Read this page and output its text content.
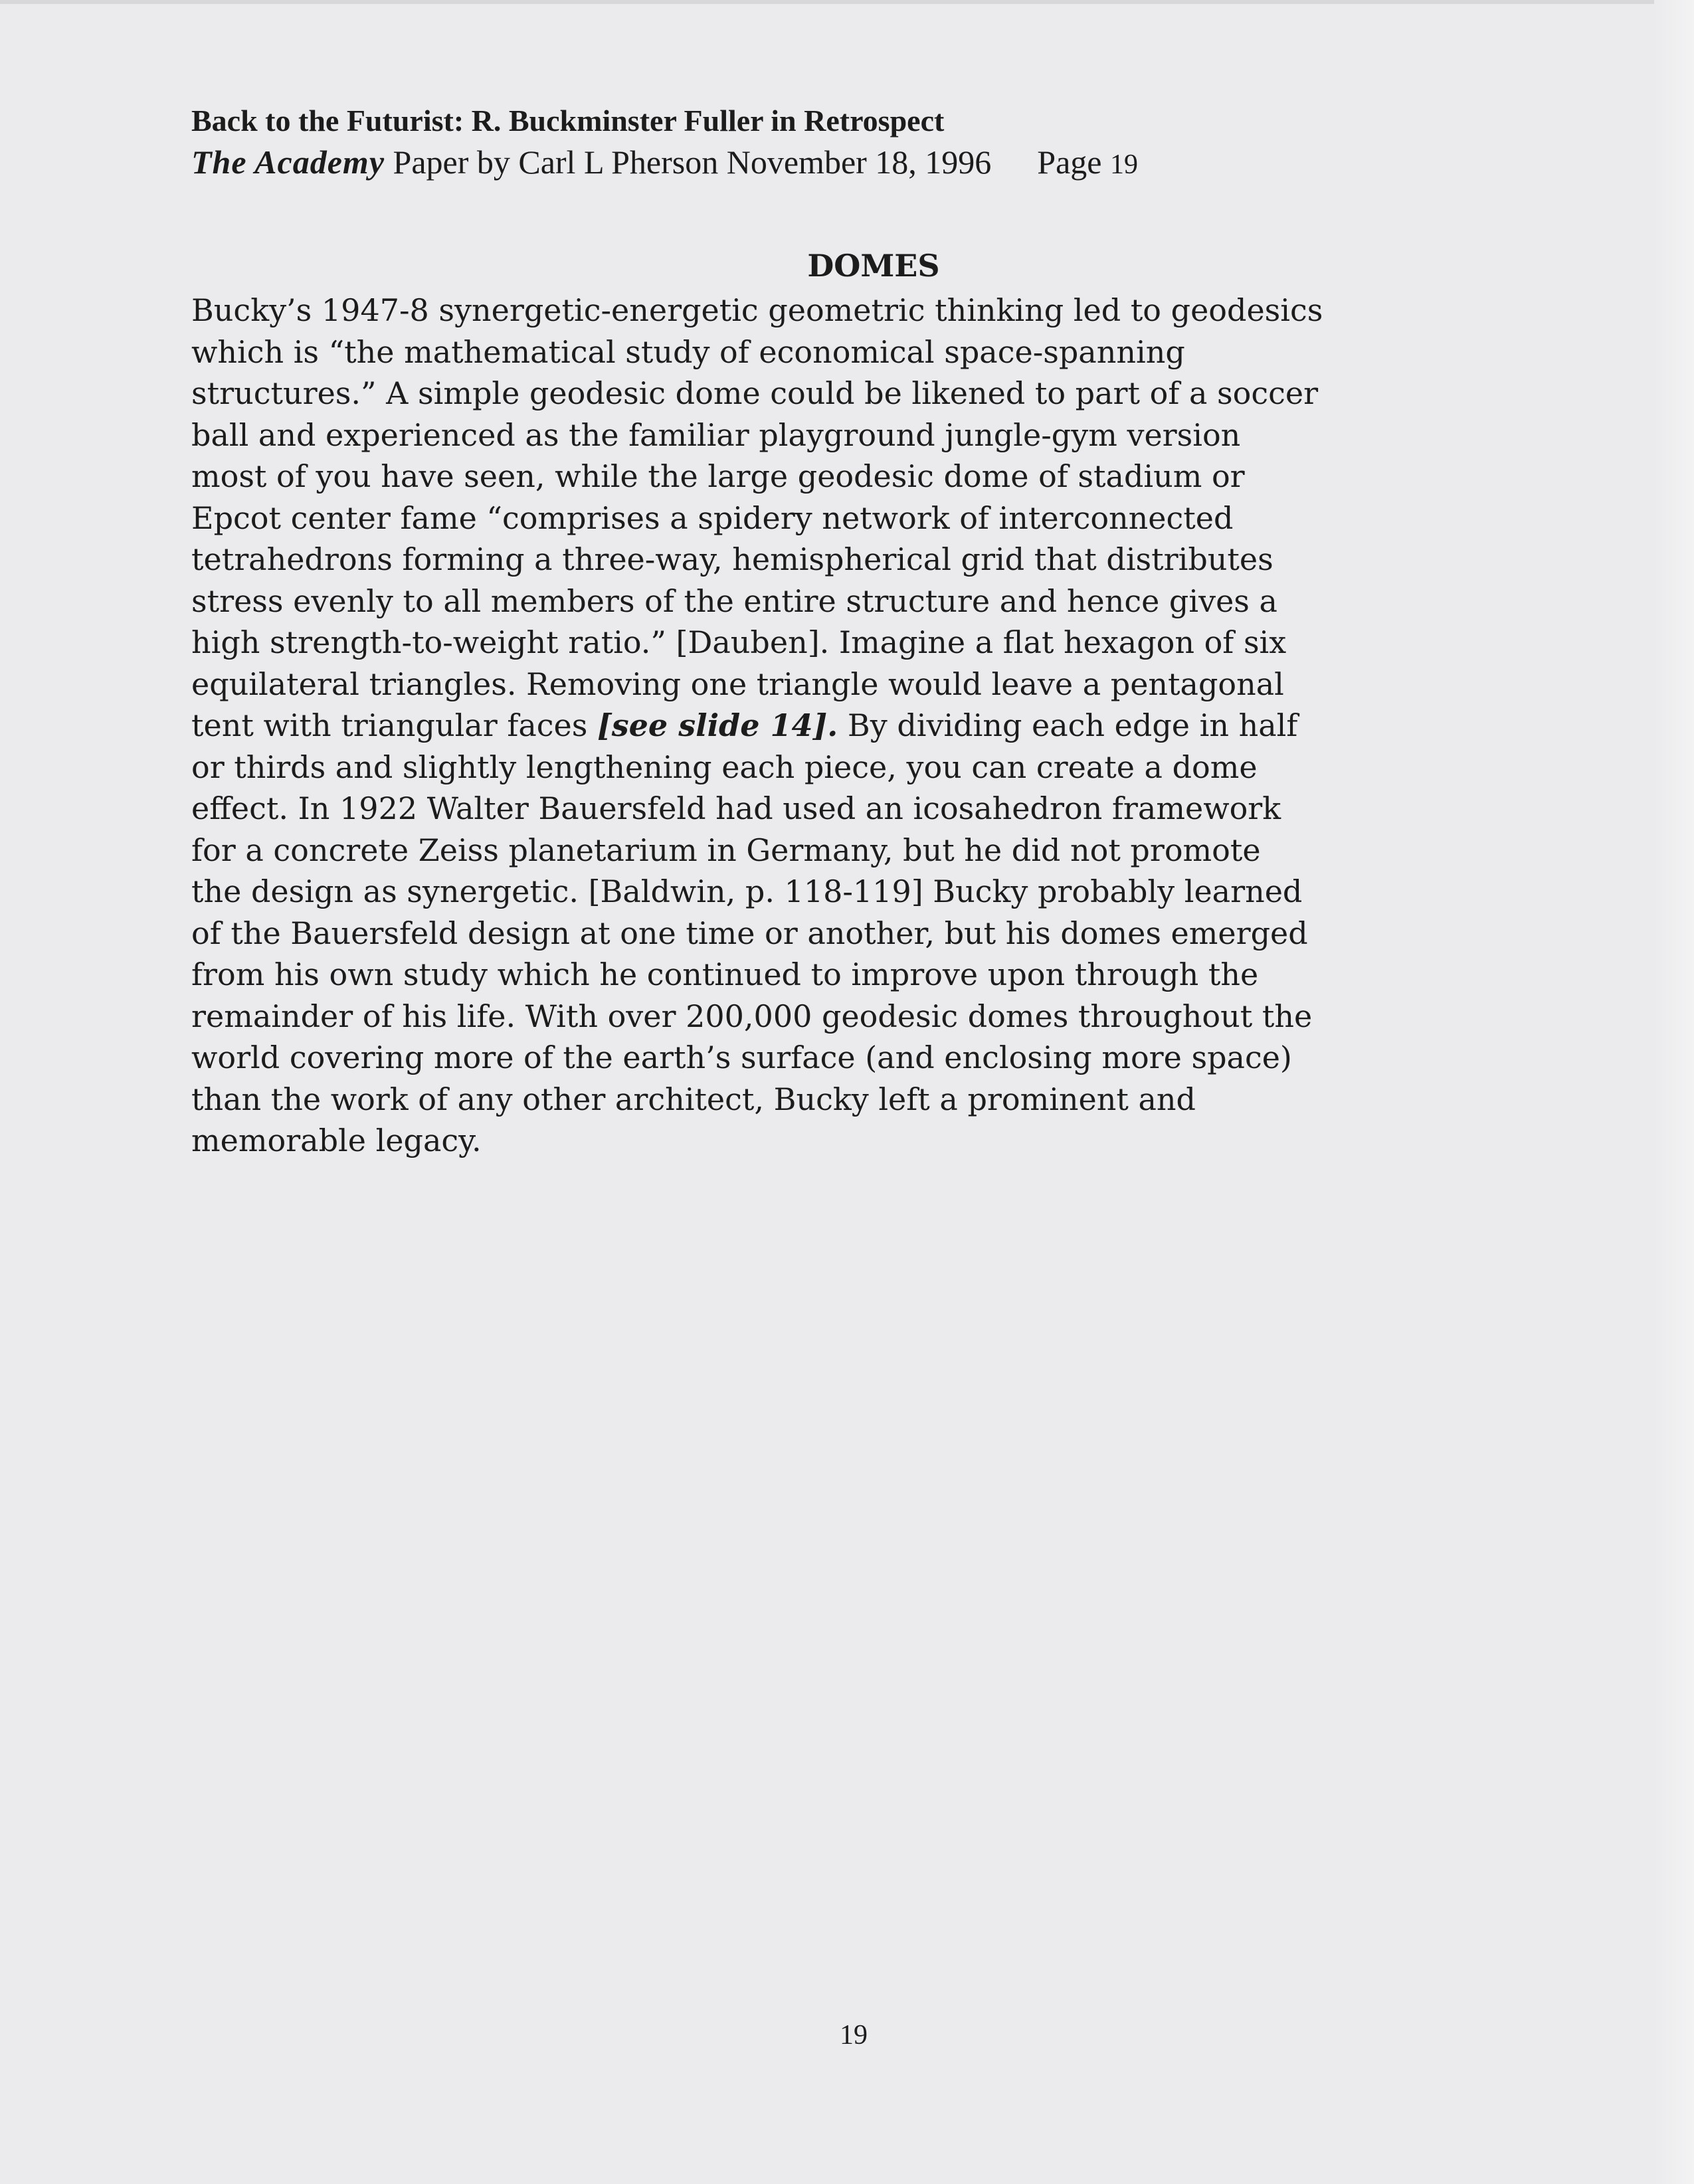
Back to the Futurist: R. Buckminster Fuller in Retrospect
The Academy Paper by Carl L Pherson November 18, 1996 Page 19
DOMES
Bucky’s 1947-8 synergetic-energetic geometric thinking led to geodesics
which is “the mathematical study of economical space-spanning
structures.” A simple geodesic dome could be likened to part of a soccer
ball and experienced as the familiar playground jungle-gym version
most of you have seen, while the large geodesic dome of stadium or
Epcot center fame “comprises a spidery network of interconnected
tetrahedrons forming a three-way, hemispherical grid that distributes
stress evenly to all members of the entire structure and hence gives a
high strength-to-weight ratio.” [Dauben]. Imagine a flat hexagon of six
equilateral triangles. Removing one triangle would leave a pentagonal
tent with triangular faces [see slide 14]. By dividing each edge in half
or thirds and slightly lengthening each piece, you can create a dome
effect. In 1922 Walter Bauersfeld had used an icosahedron framework
for a concrete Zeiss planetarium in Germany, but he did not promote
the design as synergetic. [Baldwin, p. 118-119] Bucky probably learned
of the Bauersfeld design at one time or another, but his domes emerged
from his own study which he continued to improve upon through the
remainder of his life. With over 200,000 geodesic domes throughout the
world covering more of the earth’s surface (and enclosing more space)
than the work of any other architect, Bucky left a prominent and
memorable legacy.
19
